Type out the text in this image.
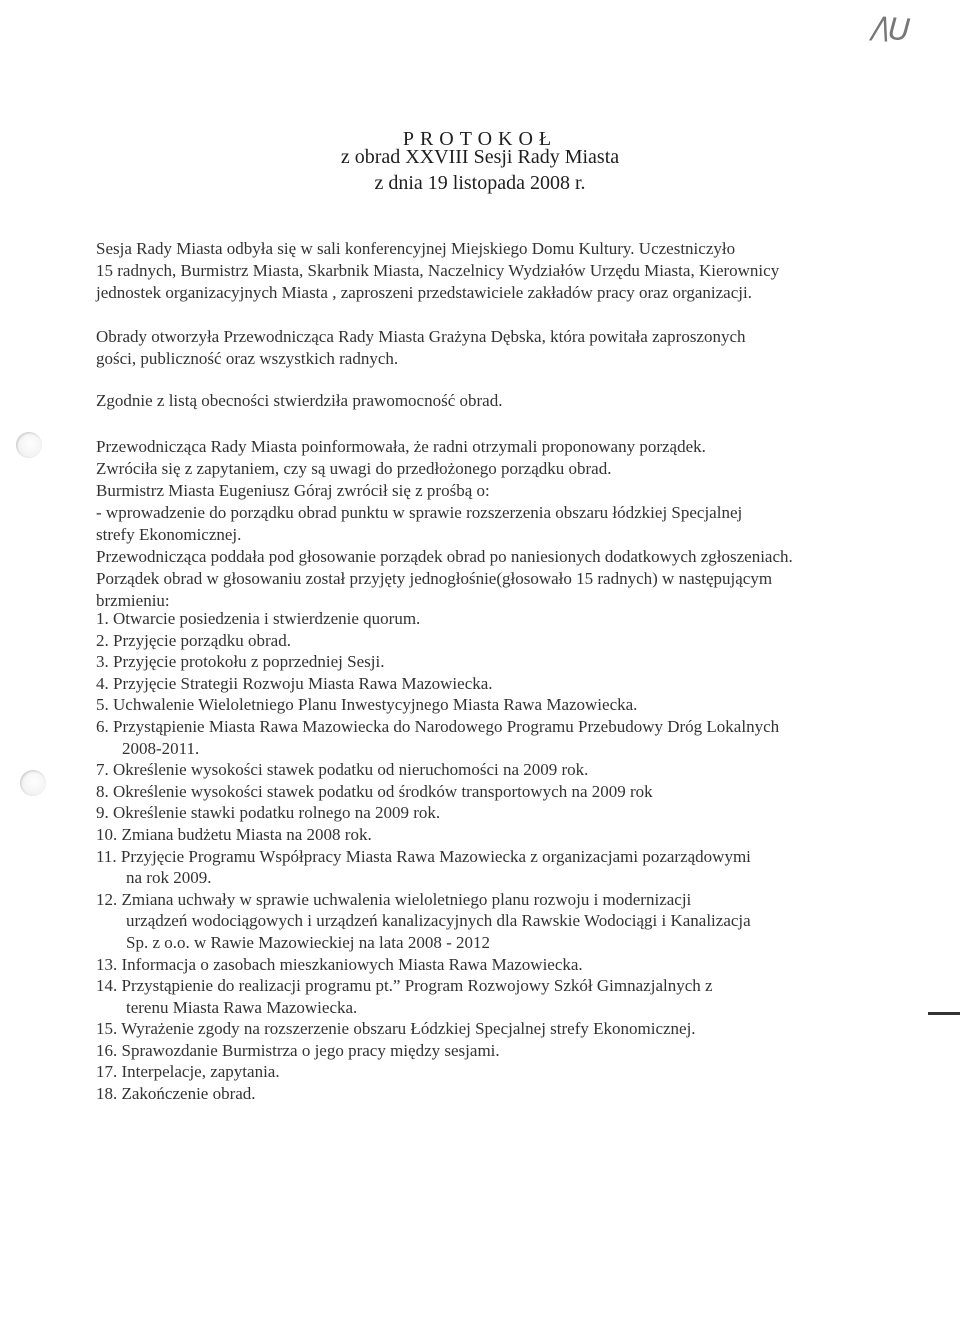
/\U
PROTOKOŁ
z obrad XXVIII Sesji Rady Miasta
z dnia 19 listopada 2008 r.
Sesja Rady Miasta odbyła się w sali konferencyjnej Miejskiego Domu Kultury. Uczestniczyło
15 radnych, Burmistrz Miasta, Skarbnik Miasta, Naczelnicy Wydziałów Urzędu Miasta, Kierownicy
jednostek organizacyjnych Miasta , zaproszeni przedstawiciele zakładów pracy oraz organizacji.
Obrady otworzyła Przewodnicząca Rady Miasta Grażyna Dębska, która powitała zaproszonych
gości, publiczność oraz wszystkich radnych.
Zgodnie z listą obecności stwierdziła prawomocność obrad.
Przewodnicząca Rady Miasta poinformowała, że radni otrzymali proponowany porządek.
Zwróciła się z zapytaniem, czy są uwagi do przedłożonego porządku obrad.
Burmistrz Miasta Eugeniusz Góraj zwrócił się z prośbą o:
- wprowadzenie do porządku obrad punktu w sprawie rozszerzenia obszaru łódzkiej Specjalnej
strefy Ekonomicznej.
Przewodnicząca poddała pod głosowanie porządek obrad po naniesionych dodatkowych zgłoszeniach.
Porządek obrad w głosowaniu został przyjęty jednogłośnie(głosowało 15 radnych) w następującym
brzmieniu:
1. Otwarcie posiedzenia i stwierdzenie quorum.
2. Przyjęcie porządku obrad.
3. Przyjęcie protokołu z poprzedniej Sesji.
4. Przyjęcie Strategii Rozwoju Miasta Rawa Mazowiecka.
5. Uchwalenie Wieloletniego Planu Inwestycyjnego Miasta Rawa Mazowiecka.
6. Przystąpienie Miasta Rawa Mazowiecka do Narodowego Programu Przebudowy Dróg Lokalnych
2008-2011.
7. Określenie wysokości stawek podatku od nieruchomości na 2009 rok.
8. Określenie wysokości stawek podatku od środków transportowych na 2009 rok
9. Określenie stawki podatku rolnego na 2009 rok.
10. Zmiana budżetu Miasta na 2008 rok.
11. Przyjęcie Programu Współpracy Miasta Rawa Mazowiecka z organizacjami pozarządowymi
na rok 2009.
12. Zmiana uchwały w sprawie uchwalenia wieloletniego planu rozwoju i modernizacji
urządzeń wodociągowych i urządzeń kanalizacyjnych dla Rawskie Wodociągi i Kanalizacja
Sp. z o.o. w Rawie Mazowieckiej na lata 2008 - 2012
13. Informacja o zasobach mieszkaniowych Miasta Rawa Mazowiecka.
14. Przystąpienie do realizacji programu pt.” Program Rozwojowy Szkół Gimnazjalnych z
terenu Miasta Rawa Mazowiecka.
15. Wyrażenie zgody na rozszerzenie obszaru Łódzkiej Specjalnej strefy Ekonomicznej.
16. Sprawozdanie Burmistrza o jego pracy między sesjami.
17. Interpelacje, zapytania.
18. Zakończenie obrad.
